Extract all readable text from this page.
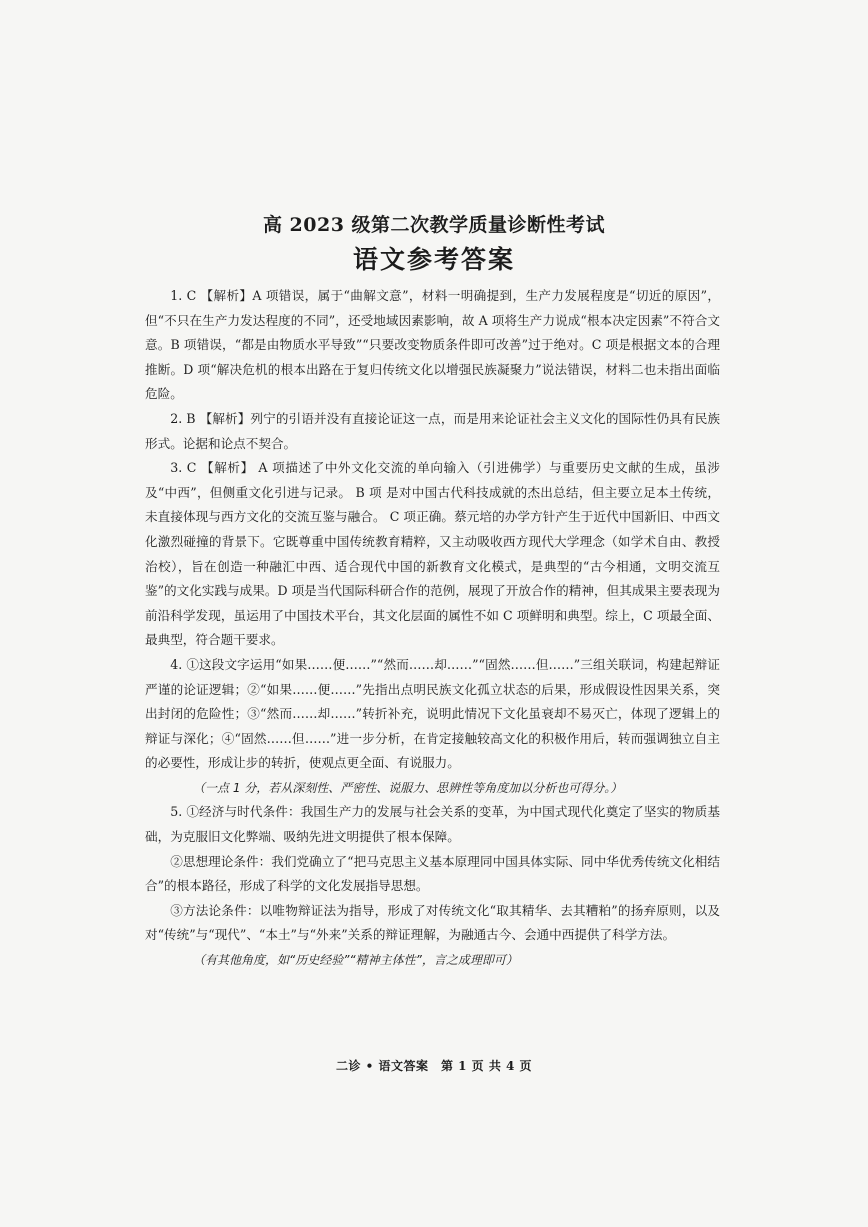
高 2023 级第二次教学质量诊断性考试
语文参考答案

1. C 【解析】A 项错误，属于“曲解文意”，材料一明确提到，生产力发展程度是“切近的原因”，但“不只在生产力发达程度的不同”，还受地域因素影响，故 A 项将生产力说成“根本决定因素”不符合文意。B 项错误，“都是由物质水平导致”“只要改变物质条件即可改善”过于绝对。C 项是根据文本的合理推断。D 项“解决危机的根本出路在于复归传统文化以增强民族凝聚力”说法错误，材料二也未指出面临危险。

2. B 【解析】列宁的引语并没有直接论证这一点，而是用来论证社会主义文化的国际性仍具有民族形式。论据和论点不契合。

3. C 【解析】 A 项描述了中外文化交流的单向输入（引进佛学）与重要历史文献的生成，虽涉及“中西”，但侧重文化引进与记录。 B 项 是对中国古代科技成就的杰出总结，但主要立足本土传统，未直接体现与西方文化的交流互鉴与融合。 C 项正确。蔡元培的办学方针产生于近代中国新旧、中西文化激烈碰撞的背景下。它既尊重中国传统教育精粹，又主动吸收西方现代大学理念（如学术自由、教授治校），旨在创造一种融汇中西、适合现代中国的新教育文化模式，是典型的“古今相通，文明交流互鉴”的文化实践与成果。D 项是当代国际科研合作的范例，展现了开放合作的精神，但其成果主要表现为前沿科学发现，虽运用了中国技术平台，其文化层面的属性不如 C 项鲜明和典型。综上，C 项最全面、最典型，符合题干要求。

4. ①这段文字运用“如果……便……”“然而……却……”“固然……但……”三组关联词，构建起辩证严谨的论证逻辑；②“如果……便……”先指出点明民族文化孤立状态的后果，形成假设性因果关系，突出封闭的危险性；③“然而……却……”转折补充，说明此情况下文化虽衰却不易灭亡，体现了逻辑上的辩证与深化；④“固然……但……”进一步分析，在肯定接触较高文化的积极作用后，转而强调独立自主的必要性，形成让步的转折，使观点更全面、有说服力。

（一点 1 分，若从深刻性、严密性、说服力、思辨性等角度加以分析也可得分。）

5. ①经济与时代条件：我国生产力的发展与社会关系的变革，为中国式现代化奠定了坚实的物质基础，为克服旧文化弊端、吸纳先进文明提供了根本保障。

②思想理论条件：我们党确立了“把马克思主义基本原理同中国具体实际、同中华优秀传统文化相结合”的根本路径，形成了科学的文化发展指导思想。

③方法论条件：以唯物辩证法为指导，形成了对传统文化“取其精华、去其糟粕”的扬弃原则，以及对“传统”与“现代”、“本土”与“外来”关系的辩证理解，为融通古今、会通中西提供了科学方法。

（有其他角度，如“历史经验”“精神主体性”，言之成理即可）

二诊 • 语文答案　第 1 页 共 4 页
